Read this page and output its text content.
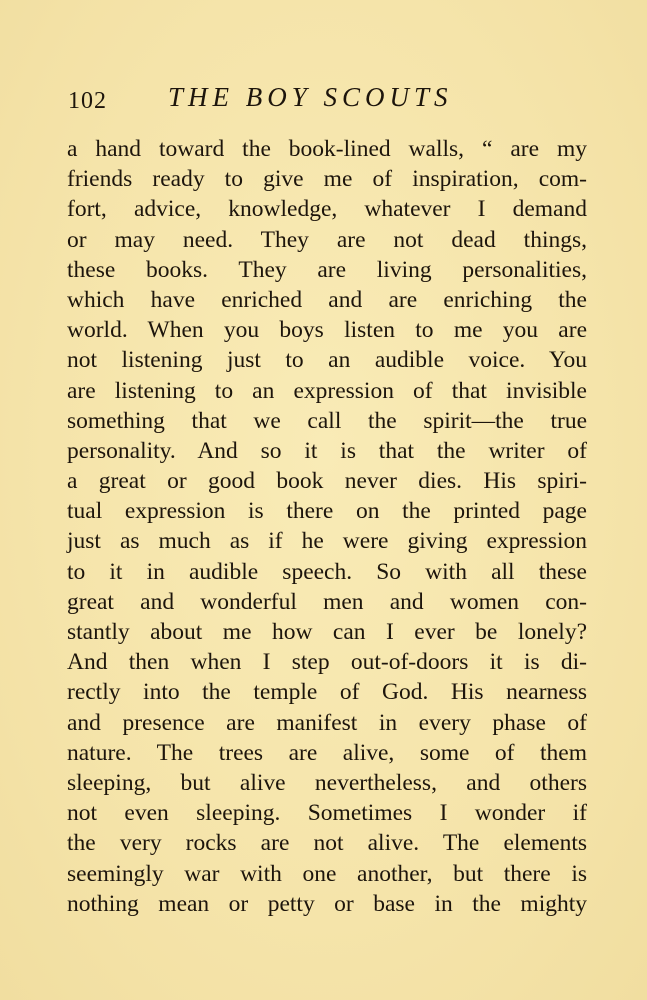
102 THE BOY SCOUTS
a hand toward the book-lined walls, “ are my
friends ready to give me of inspiration, com-
fort, advice, knowledge, whatever I demand
or may need. They are not dead things,
these books. They are living personalities,
which have enriched and are enriching the
world. When you boys listen to me you are
not listening just to an audible voice. You
are listening to an expression of that invisible
something that we call the spirit—the true
personality. And so it is that the writer of
a great or good book never dies. His spiri-
tual expression is there on the printed page
just as much as if he were giving expression
to it in audible speech. So with all these
great and wonderful men and women con-
stantly about me how can I ever be lonely?
And then when I step out-of-doors it is di-
rectly into the temple of God. His nearness
and presence are manifest in every phase of
nature. The trees are alive, some of them
sleeping, but alive nevertheless, and others
not even sleeping. Sometimes I wonder if
the very rocks are not alive. The elements
seemingly war with one another, but there is
nothing mean or petty or base in the mighty
